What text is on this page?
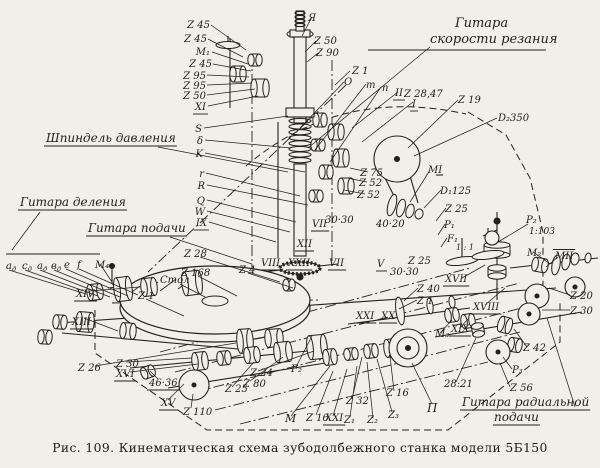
Z 45
Z 45
M₁
Z 45
Z 95
Z 95
Z 50
XI
S
δ
K
r
R
Q
W
IX
Я
Z 50
Z 90
Z 1
O m n II Z 28,47
I	Z 19
D₂350
Z 75
Z 52
Z 52
MI
D₁125
Z 25
P₁
F₁
1 : 1
P₂
1:103
30·30 40·20
VII
XII
VIII XXII VII	V
30·30
Z 25
Z 40
Z 1
XXI XX
XVII
XVIII
XIX
M₃
M₂ MII
Z 20
Z 30
Z 42
P₃
Z 56
28:21
Z 16
П
Z₃
Z₂
Z₁
XXI
Z 16
Z 32
M
F₂
Z 24
Z 80
Z 25
Z 110
XV
46·36
Z 30
XVI
Z 26
XIII
XIV
M₄
$a_д$ $c_д$ $a_д$ $в_д$ e f
Z 1
Z 28
Z 168
Стол
Z 4
Шпиндель давления
Гитара деления
Гитара подачи
Гитара
скорости резания
Гитара радиальной
подачи
Рис. 109. Кинематическая схема зубодолбежного станка модели 5Б150
